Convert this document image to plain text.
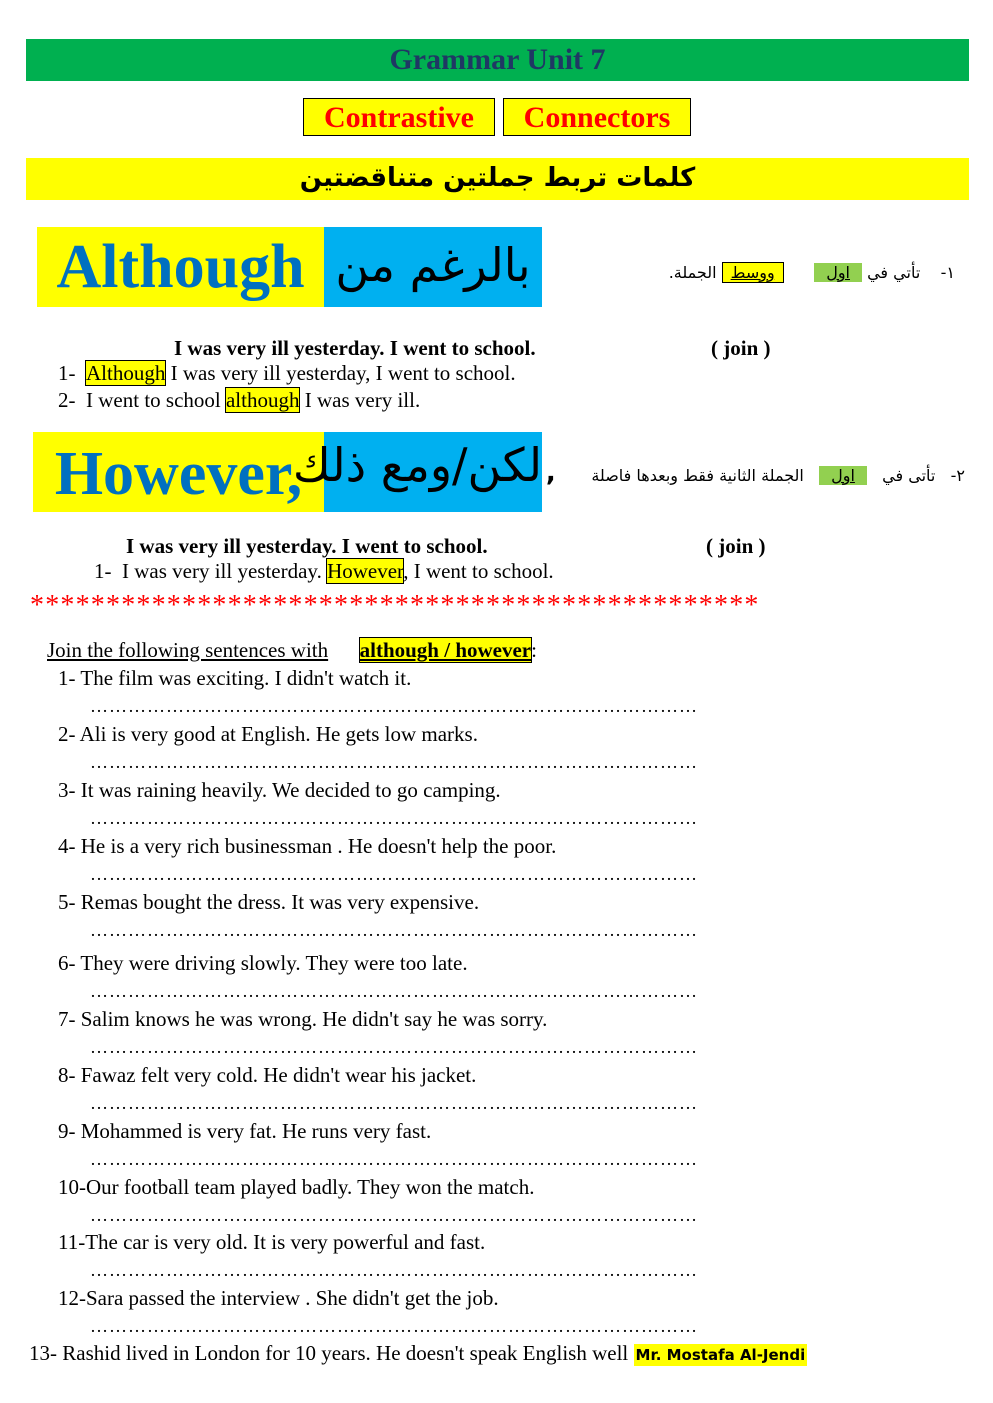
Grammar Unit 7
Contrastive	Connectors
كلمات تربط جملتين متناقضتين
Although بالرغم من	١-    تأتي في اول      ووسط الجملة.
I was very ill yesterday. I went to school.	( join )
1- Although I was very ill yesterday, I went to school.
2- I went to school although I was very ill.
However,
لكن/ومع ذلك	٢-   تأتى في   اول   الجملة الثانية فقط وبعدها فاصلة       ,
I was very ill yesterday. I went to school.	( join )
1- I was very ill yesterday. However, I went to school.
************************************************
Join the following sentences with although / however:
1- The film was exciting. I didn't watch it.
……………………………………………………………………………………
2- Ali is very good at English. He gets low marks.
……………………………………………………………………………………
3- It was raining heavily. We decided to go camping.
……………………………………………………………………………………
4- He is a very rich businessman . He doesn't help the poor.
……………………………………………………………………………………
5- Remas bought the dress. It was very expensive.
……………………………………………………………………………………
6- They were driving slowly. They were too late.
……………………………………………………………………………………
7- Salim knows he was wrong. He didn't say he was sorry.
……………………………………………………………………………………
8- Fawaz felt very cold. He didn't wear his jacket.
……………………………………………………………………………………
9- Mohammed is very fat. He runs very fast.
……………………………………………………………………………………
10-Our football team played badly. They won the match.
……………………………………………………………………………………
11-The car is very old. It is very powerful and fast.
……………………………………………………………………………………
12-Sara passed the interview . She didn't get the job.
……………………………………………………………………………………
13- Rashid lived in London for 10 years. He doesn't speak English well Mr. Mostafa Al-Jendi
